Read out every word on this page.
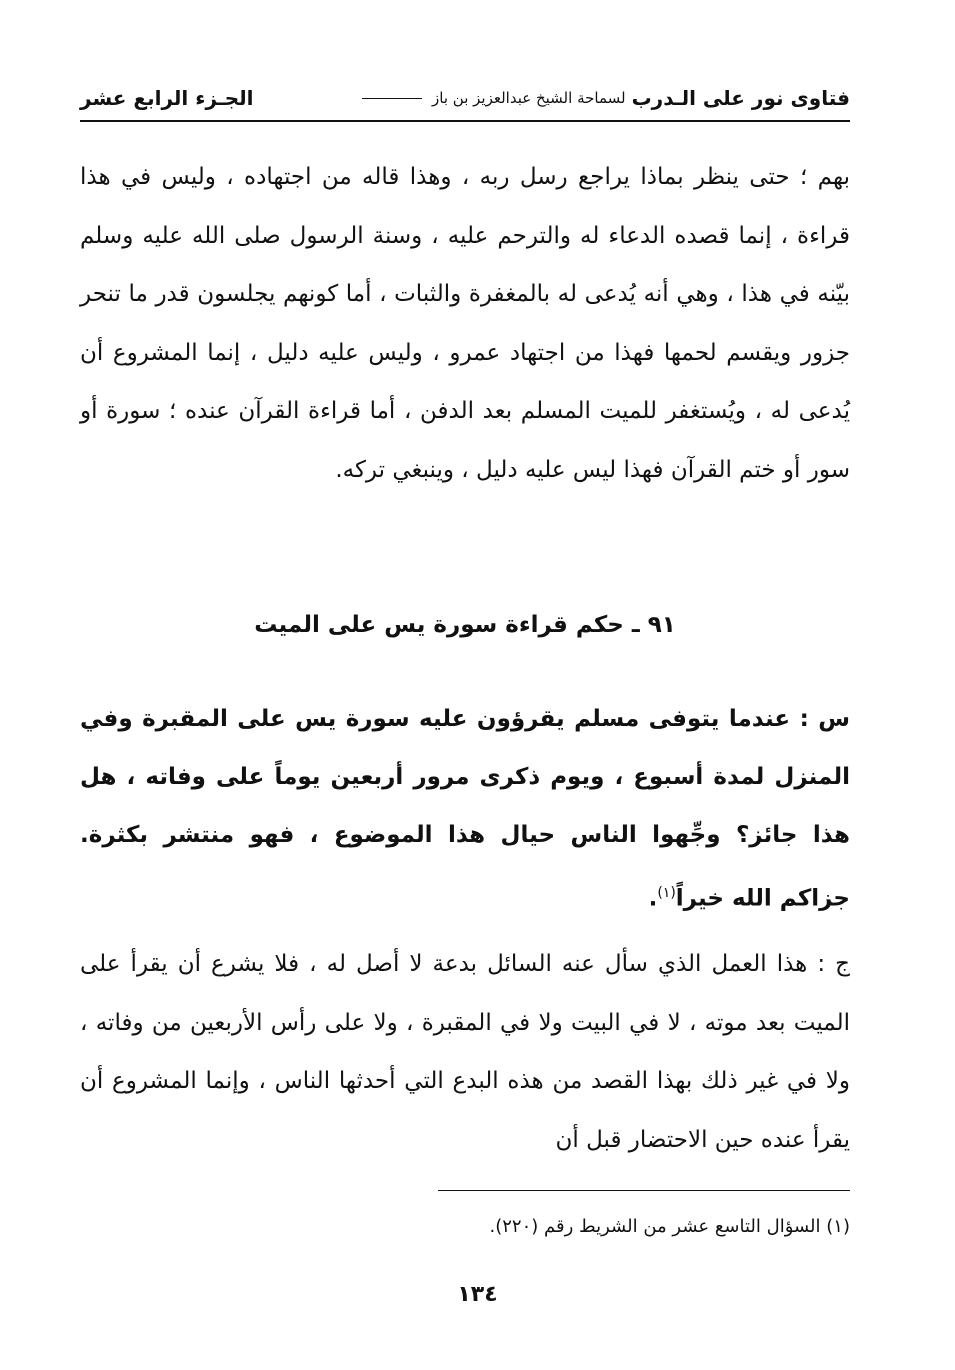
فتاوى نور على الـدرب
لسماحة الشيخ عبدالعزيز بن باز
الجـزء الرابع عشر
بهم ؛ حتى ينظر بماذا يراجع رسل ربه ، وهذا قاله من اجتهاده ، وليس في هذا قراءة ، إنما قصده الدعاء له والترحم عليه ، وسنة الرسول صلى الله عليه وسلم بيّنه في هذا ، وهي أنه يُدعى له بالمغفرة والثبات ، أما كونهم يجلسون قدر ما تنحر جزور ويقسم لحمها فهذا من اجتهاد عمرو ، وليس عليه دليل ، إنما المشروع أن يُدعى له ، ويُستغفر للميت المسلم بعد الدفن ، أما قراءة القرآن عنده ؛ سورة أو سور أو ختم القرآن فهذا ليس عليه دليل ، وينبغي تركه.
٩١ ـ حكم قراءة سورة يس على الميت
س : عندما يتوفى مسلم يقرؤون عليه سورة يس على المقبرة وفي المنزل لمدة أسبوع ، ويوم ذكرى مرور أربعين يوماً على وفاته ، هل هذا جائز؟ وجِّهوا الناس حيال هذا الموضوع ، فهو منتشر بكثرة. جزاكم الله خيراً$^{(١)}$.
ج : هذا العمل الذي سأل عنه السائل بدعة لا أصل له ، فلا يشرع أن يقرأ على الميت بعد موته ، لا في البيت ولا في المقبرة ، ولا على رأس الأربعين من وفاته ، ولا في غير ذلك بهذا القصد من هذه البدع التي أحدثها الناس ، وإنما المشروع أن يقرأ عنده حين الاحتضار قبل أن
(١) السؤال التاسع عشر من الشريط رقم (٢٢٠).
١٣٤
